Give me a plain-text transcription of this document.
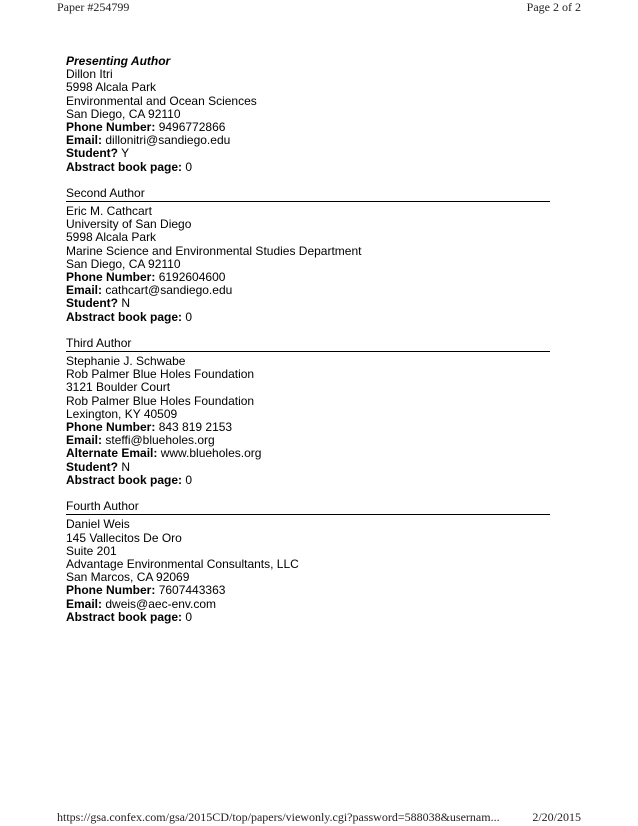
Paper #254799	Page 2 of 2
Presenting Author
Dillon Itri
5998 Alcala Park
Environmental and Ocean Sciences
San Diego, CA 92110
Phone Number: 9496772866
Email: dillonitri@sandiego.edu
Student? Y
Abstract book page: 0
Second Author
Eric M. Cathcart
University of San Diego
5998 Alcala Park
Marine Science and Environmental Studies Department
San Diego, CA 92110
Phone Number: 6192604600
Email: cathcart@sandiego.edu
Student? N
Abstract book page: 0
Third Author
Stephanie J. Schwabe
Rob Palmer Blue Holes Foundation
3121 Boulder Court
Rob Palmer Blue Holes Foundation
Lexington, KY 40509
Phone Number: 843 819 2153
Email: steffi@blueholes.org
Alternate Email: www.blueholes.org
Student? N
Abstract book page: 0
Fourth Author
Daniel Weis
145 Vallecitos De Oro
Suite 201
Advantage Environmental Consultants, LLC
San Marcos, CA 92069
Phone Number: 7607443363
Email: dweis@aec-env.com
Abstract book page: 0
https://gsa.confex.com/gsa/2015CD/top/papers/viewonly.cgi?password=588038&usernam...	2/20/2015
